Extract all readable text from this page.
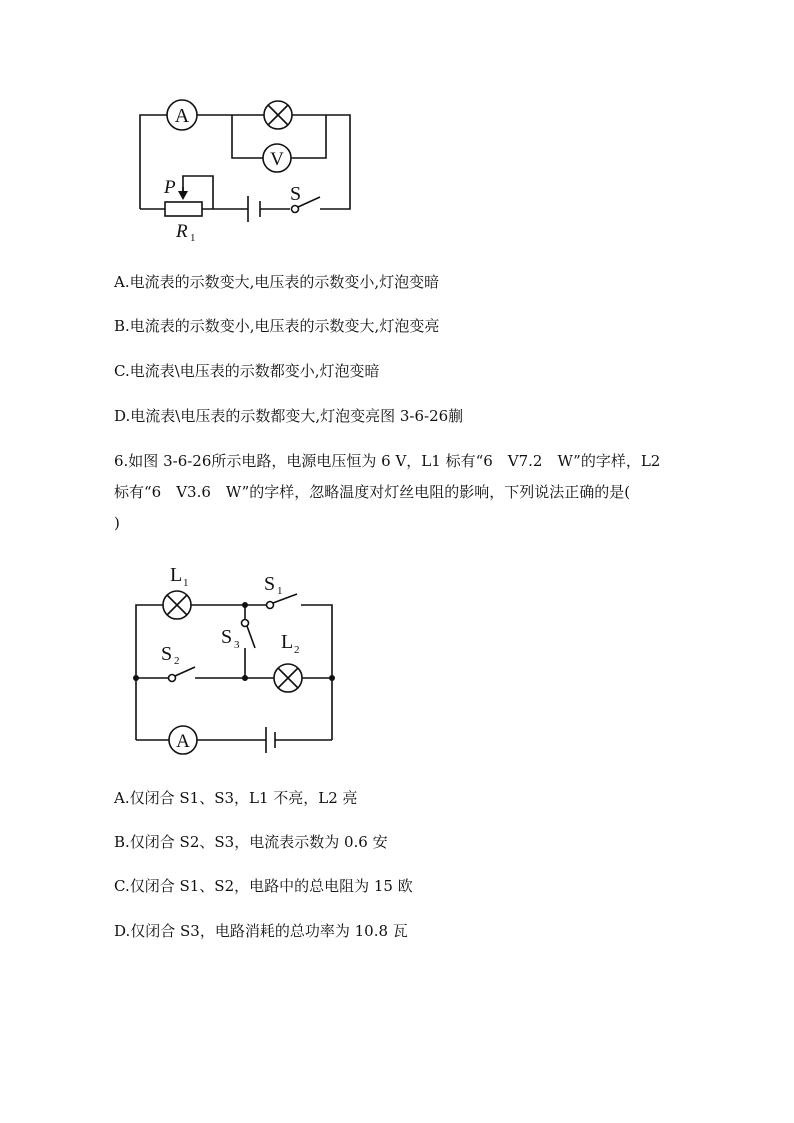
A
V
P
R 1
S
A.电流表的示数变大,电压表的示数变小,灯泡变暗
B.电流表的示数变小,电压表的示数变大,灯泡变亮
C.电流表\电压表的示数都变小,灯泡变暗
D.电流表\电压表的示数都变大,灯泡变亮图 3-6-26蒯
6.如图 3-6-26所示电路，电源电压恒为 6 V，L1 标有“6　V7.2　W”的字样，L2
标有“6　V3.6　W”的字样，忽略温度对灯丝电阻的影响，下列说法正确的是(
)
L 1	S 1
S 3
S 2
L 2
A
A.仅闭合 S1、S3，L1 不亮，L2 亮
B.仅闭合 S2、S3，电流表示数为 0.6 安
C.仅闭合 S1、S2，电路中的总电阻为 15 欧
D.仅闭合 S3，电路消耗的总功率为 10.8 瓦
